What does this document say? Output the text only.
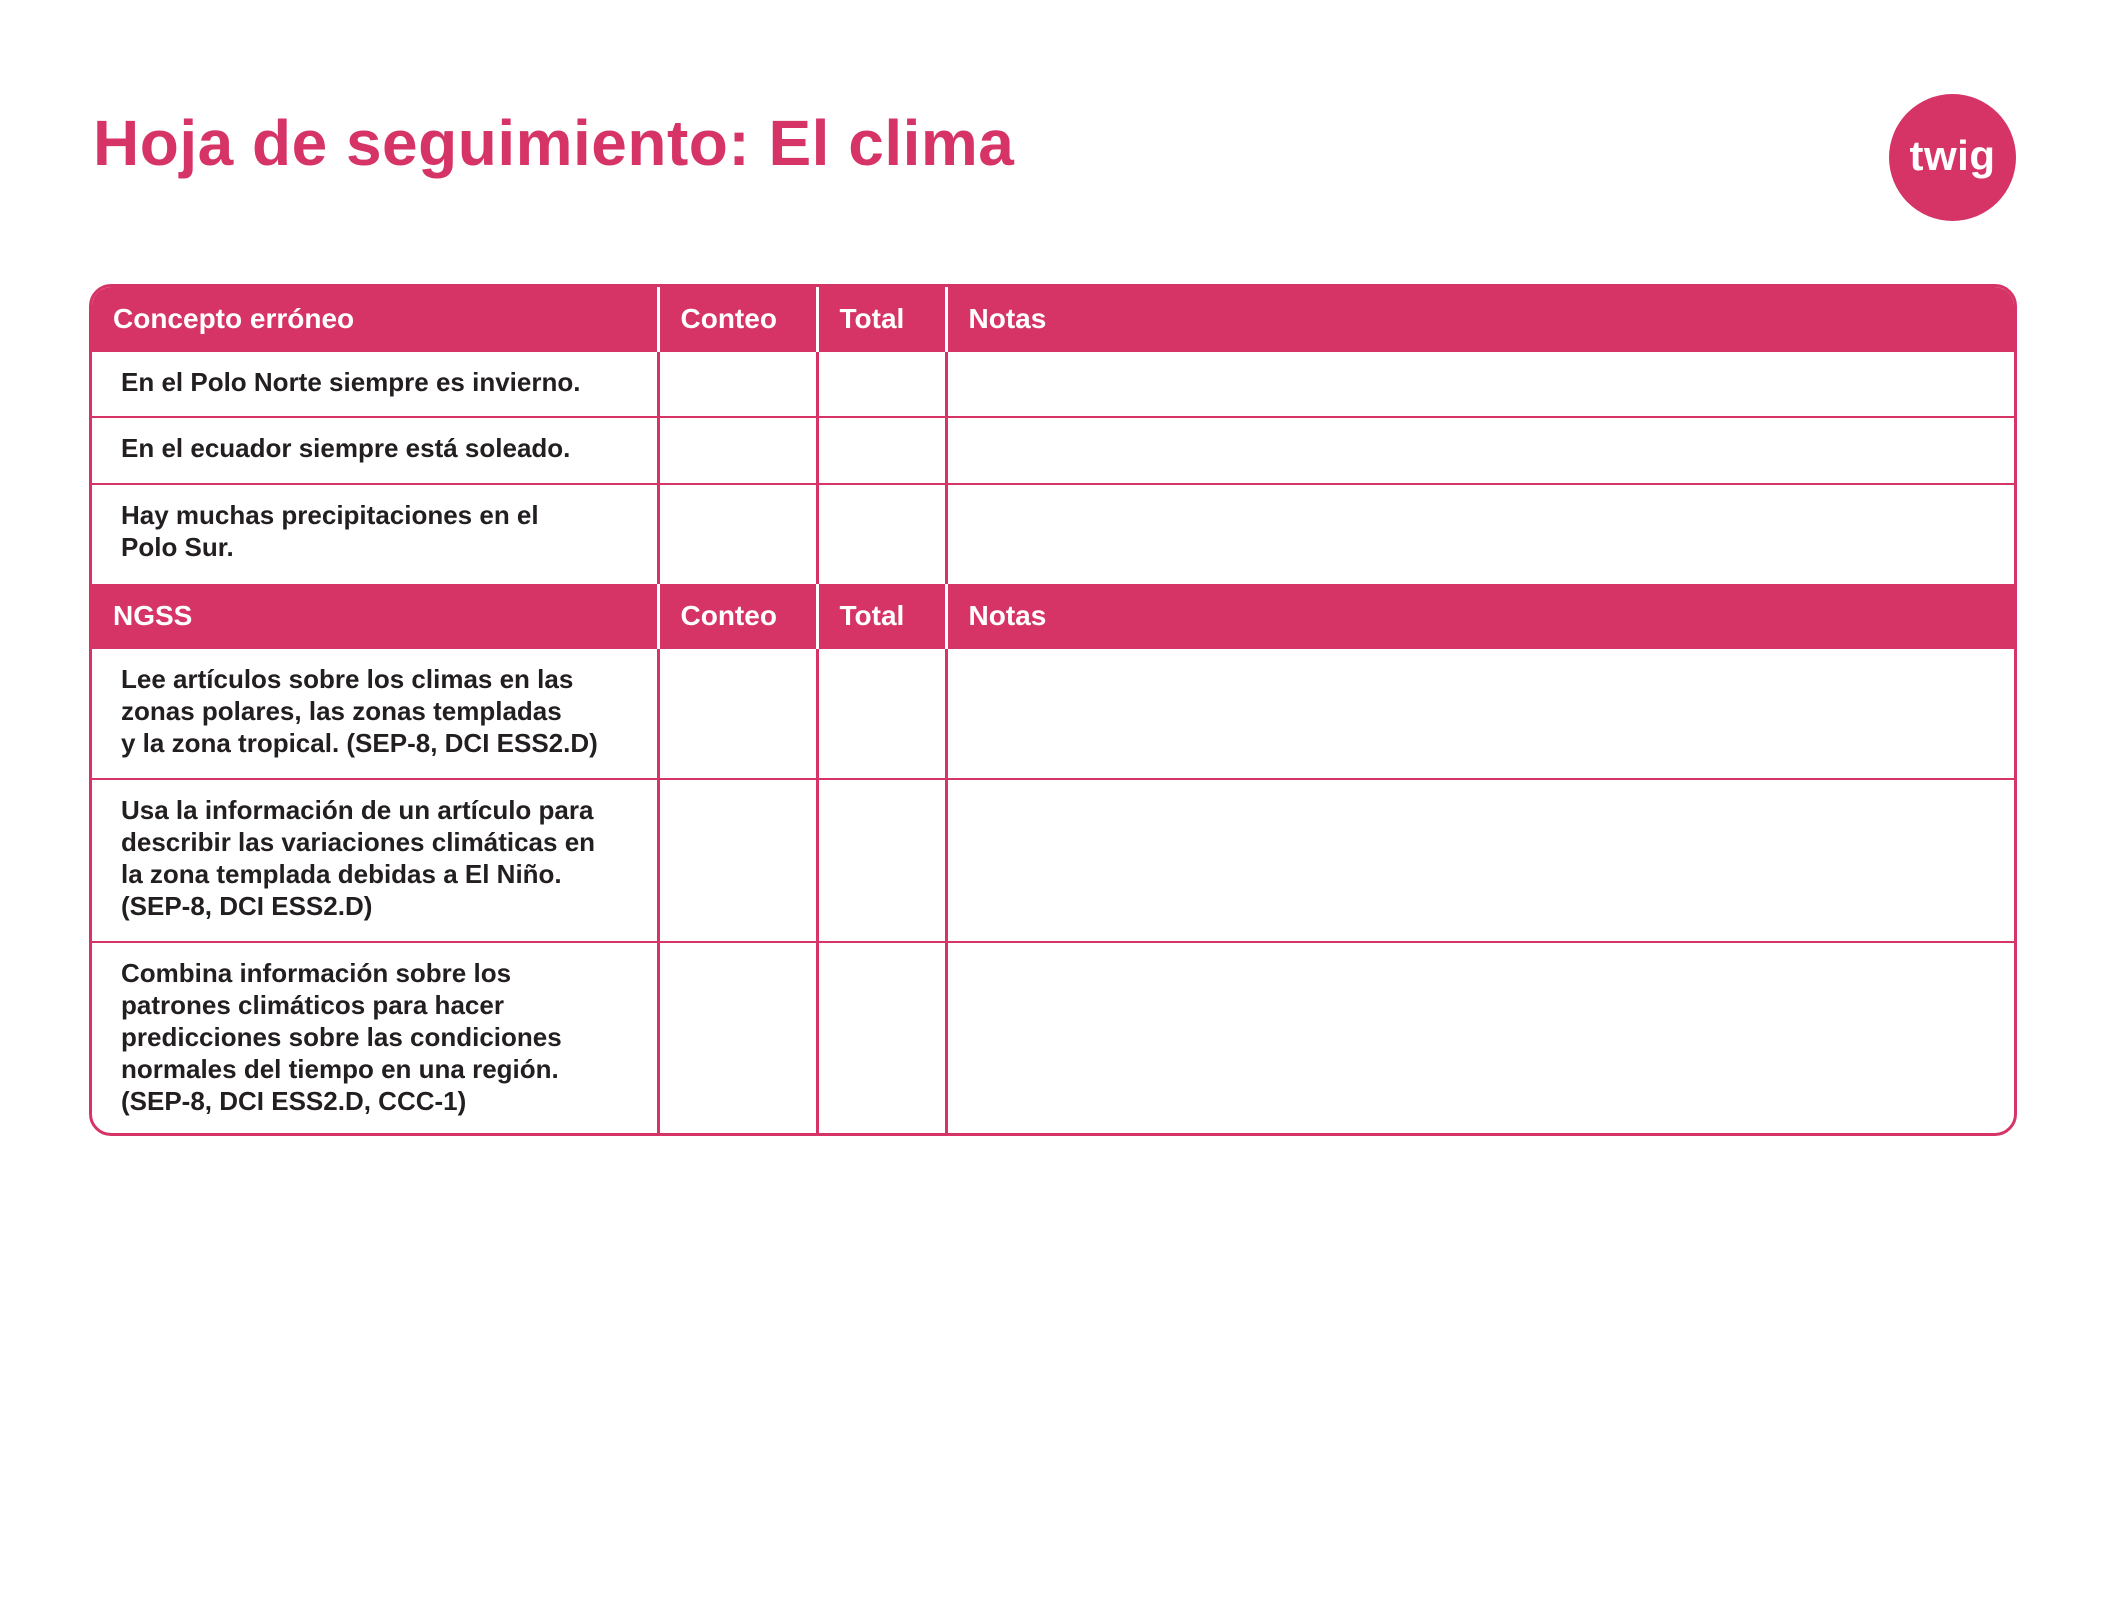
Hoja de seguimiento: El clima	twig
Concepto erróneo	Conteo	Total	Notas

En el Polo Norte siempre es invierno.			

En el ecuador siempre está soleado.			

Hay muchas precipitaciones en el
Polo Sur.			

NGSS	Conteo	Total	Notas

Lee artículos sobre los climas en las
zonas polares, las zonas templadas
y la zona tropical. (SEP-8, DCI ESS2.D)			

Usa la información de un artículo para
describir las variaciones climáticas en
la zona templada debidas a El Niño.
(SEP-8, DCI ESS2.D)			

Combina información sobre los
patrones climáticos para hacer
predicciones sobre las condiciones
normales del tiempo en una región.
(SEP-8, DCI ESS2.D, CCC-1)			
